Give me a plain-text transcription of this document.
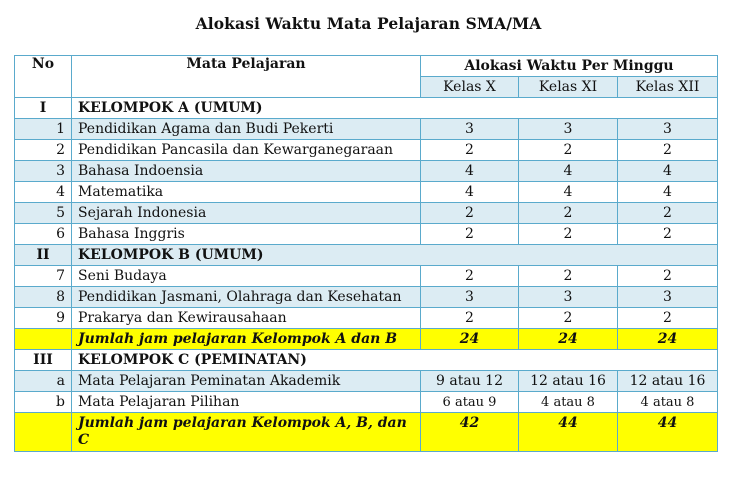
Alokasi Waktu Mata Pelajaran SMA/MA
No	Mata Pelajaran	Alokasi Waktu Per Minggu		
		Kelas X	Kelas XI	Kelas XII
I	KELOMPOK A (UMUM)			
1	Pendidikan Agama dan Budi Pekerti	3	3	3
2	Pendidikan Pancasila dan Kewarganegaraan	2	2	2
3	Bahasa Indoensia	4	4	4
4	Matematika	4	4	4
5	Sejarah Indonesia	2	2	2
6	Bahasa Inggris	2	2	2
II	KELOMPOK B (UMUM)			
7	Seni Budaya	2	2	2
8	Pendidikan Jasmani, Olahraga dan Kesehatan	3	3	3
9	Prakarya dan Kewirausahaan	2	2	2
	Jumlah jam pelajaran Kelompok A dan B	24	24	24
III	KELOMPOK C (PEMINATAN)			
a	Mata Pelajaran Peminatan Akademik	9 atau 12	12 atau 16	12 atau 16
b	Mata Pelajaran Pilihan	6 atau 9	4 atau 8	4 atau 8
	Jumlah jam pelajaran Kelompok A, B, dan C	42	44	44
